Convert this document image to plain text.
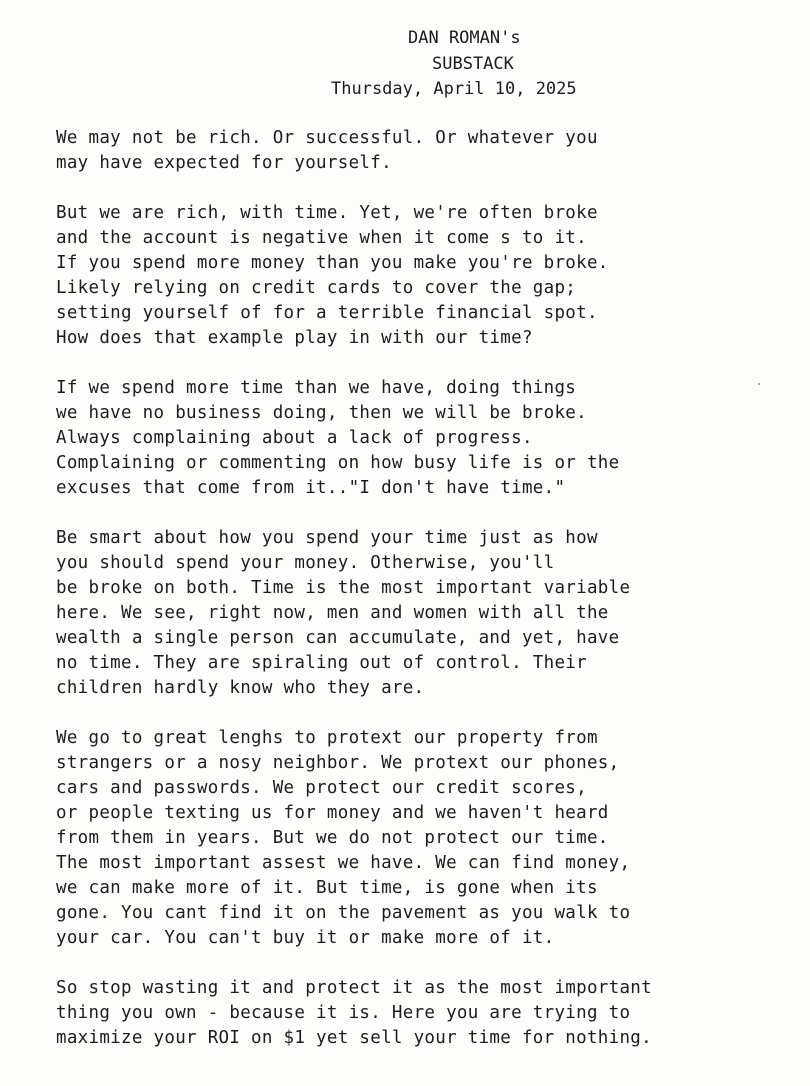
DAN ROMAN's
SUBSTACK
Thursday, April 10, 2025
We may not be rich. Or successful. Or whatever you
may have expected for yourself.
But we are rich, with time. Yet, we're often broke
and the account is negative when it come s to it.
If you spend more money than you make you're broke.
Likely relying on credit cards to cover the gap;
setting yourself of for a terrible financial spot.
How does that example play in with our time?
If we spend more time than we have, doing things
we have no business doing, then we will be broke.
Always complaining about a lack of progress.
Complaining or commenting on how busy life is or the
excuses that come from it.."I don't have time."
Be smart about how you spend your time just as how
you should spend your money. Otherwise, you'll
be broke on both. Time is the most important variable
here. We see, right now, men and women with all the
wealth a single person can accumulate, and yet, have
no time. They are spiraling out of control. Their
children hardly know who they are.
We go to great lenghs to protext our property from
strangers or a nosy neighbor. We protext our phones,
cars and passwords. We protect our credit scores,
or people texting us for money and we haven't heard
from them in years. But we do not protect our time.
The most important assest we have. We can find money,
we can make more of it. But time, is gone when its
gone. You cant find it on the pavement as you walk to
your car. You can't buy it or make more of it.
So stop wasting it and protect it as the most important
thing you own - because it is. Here you are trying to
maximize your ROI on $1 yet sell your time for nothing.
